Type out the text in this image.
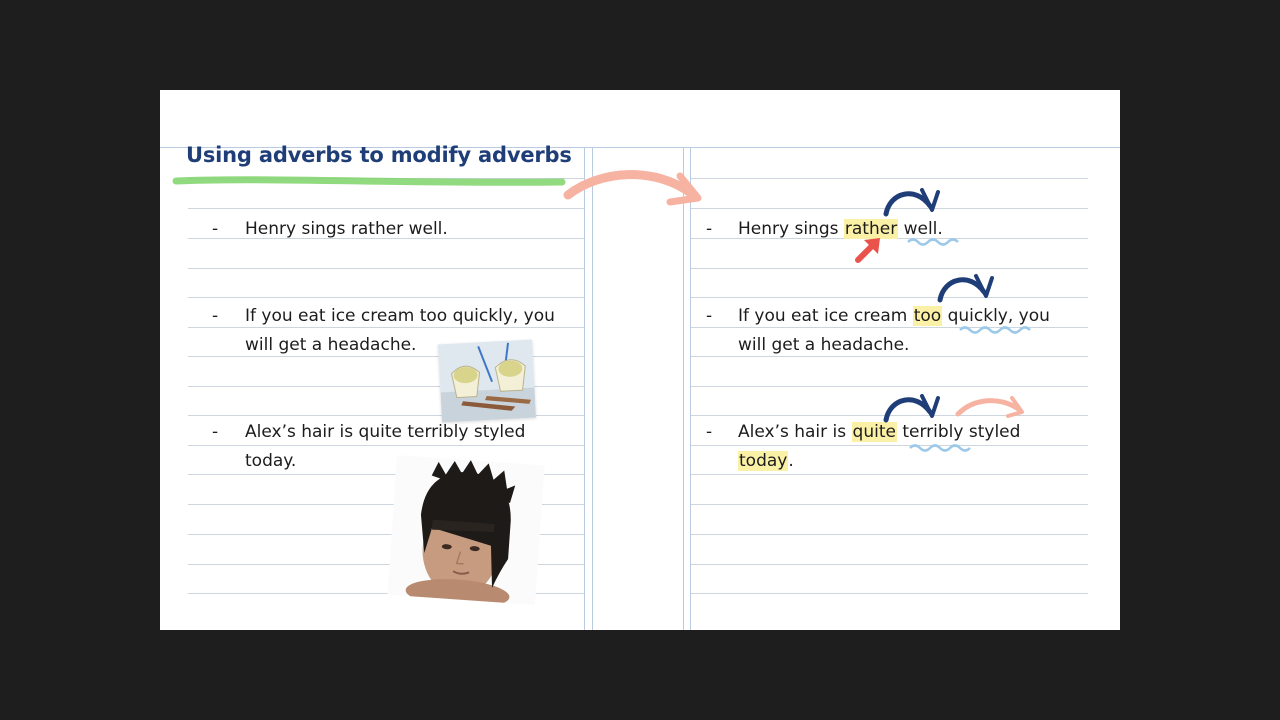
Using adverbs to modify adverbs
-	Henry sings rather well.
-	If you eat ice cream too quickly, you
will get a headache.
-	Alex’s hair is quite terribly styled
today.
-	Henry sings rather well.
-	If you eat ice cream too quickly, you
will get a headache.
-	Alex’s hair is quite terribly styled
today.
